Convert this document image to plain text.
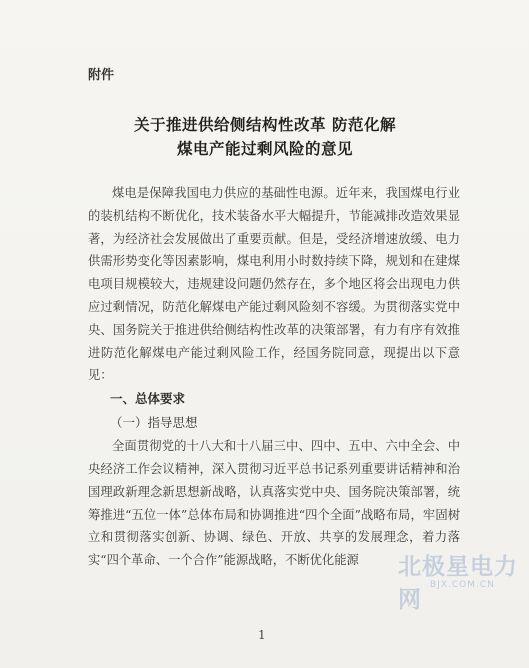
附件
关于推进供给侧结构性改革 防范化解
煤电产能过剩风险的意见

煤电是保障我国电力供应的基础性电源。近年来，我国煤电行业的装机结构不断优化，技术装备水平大幅提升，节能减排改造效果显著，为经济社会发展做出了重要贡献。但是，受经济增速放缓、电力供需形势变化等因素影响，煤电利用小时数持续下降，规划和在建煤电项目规模较大，违规建设问题仍然存在，多个地区将会出现电力供应过剩情况，防范化解煤电产能过剩风险刻不容缓。为贯彻落实党中央、国务院关于推进供给侧结构性改革的决策部署，有力有序有效推进防范化解煤电产能过剩风险工作，经国务院同意，现提出以下意见：

一、总体要求

（一）指导思想

全面贯彻党的十八大和十八届三中、四中、五中、六中全会、中央经济工作会议精神，深入贯彻习近平总书记系列重要讲话精神和治国理政新理念新思想新战略，认真落实党中央、国务院决策部署，统筹推进“五位一体”总体布局和协调推进“四个全面”战略布局，牢固树立和贯彻落实创新、协调、绿色、开放、共享的发展理念，着力落实“四个革命、一个合作”能源战略，不断优化能源	北极星电力网
BJX.COM.CN
1
